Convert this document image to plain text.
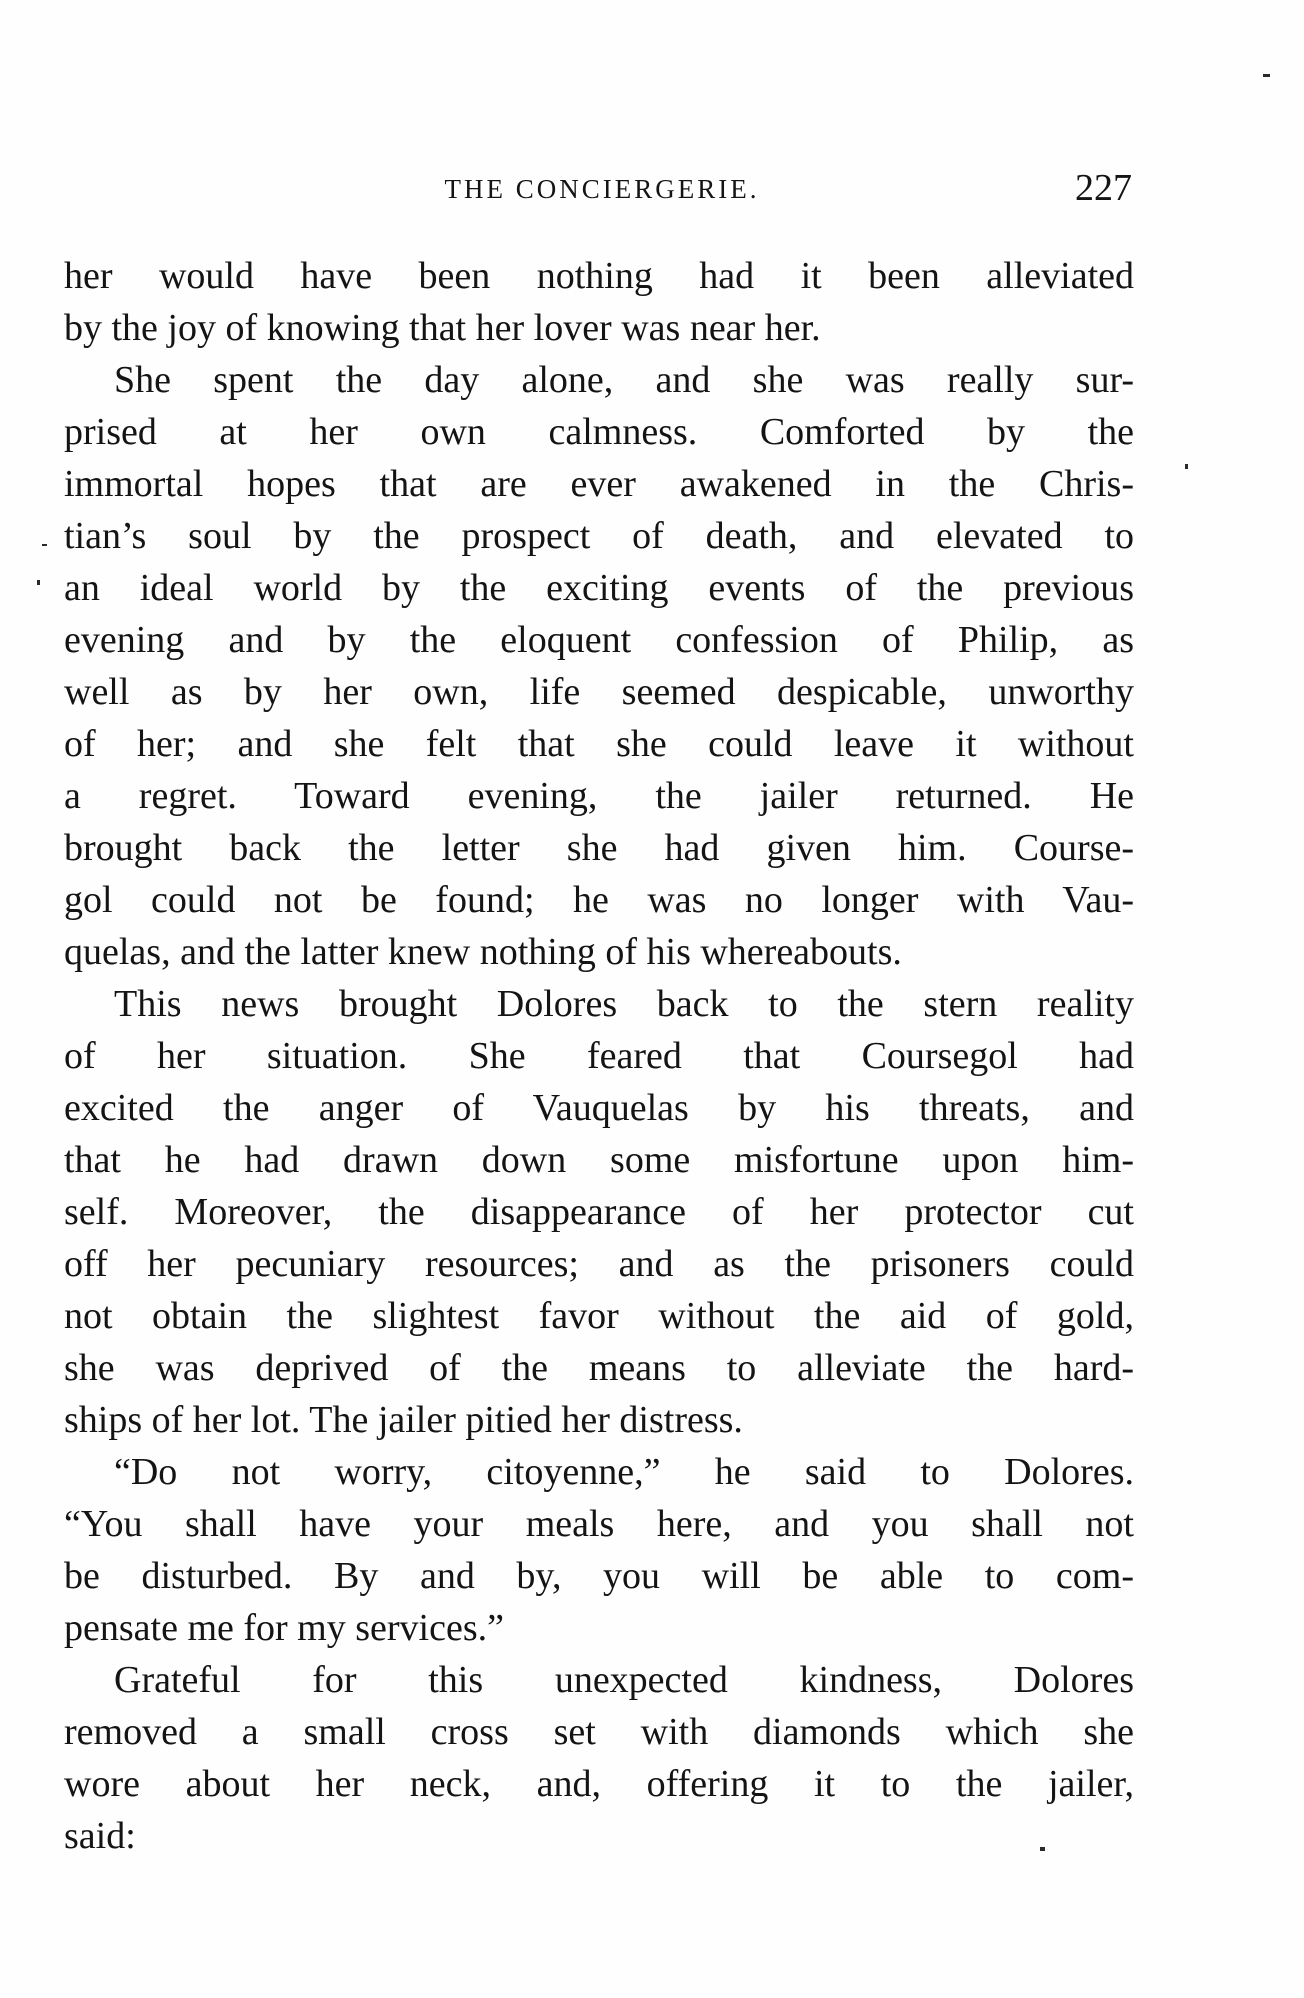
THE CONCIERGERIE.	227
her would have been nothing had it been alleviated
by the joy of knowing that her lover was near her.
She spent the day alone, and she was really sur-
prised at her own calmness. Comforted by the
immortal hopes that are ever awakened in the Chris-
tian’s soul by the prospect of death, and elevated to
an ideal world by the exciting events of the previous
evening and by the eloquent confession of Philip, as
well as by her own, life seemed despicable, unworthy
of her; and she felt that she could leave it without
a regret. Toward evening, the jailer returned. He
brought back the letter she had given him. Course-
gol could not be found; he was no longer with Vau-
quelas, and the latter knew nothing of his whereabouts.
This news brought Dolores back to the stern reality
of her situation. She feared that Coursegol had
excited the anger of Vauquelas by his threats, and
that he had drawn down some misfortune upon him-
self. Moreover, the disappearance of her protector cut
off her pecuniary resources; and as the prisoners could
not obtain the slightest favor without the aid of gold,
she was deprived of the means to alleviate the hard-
ships of her lot. The jailer pitied her distress.
“Do not worry, citoyenne,” he said to Dolores.
“You shall have your meals here, and you shall not
be disturbed. By and by, you will be able to com-
pensate me for my services.”
Grateful for this unexpected kindness, Dolores
removed a small cross set with diamonds which she
wore about her neck, and, offering it to the jailer,
said:
